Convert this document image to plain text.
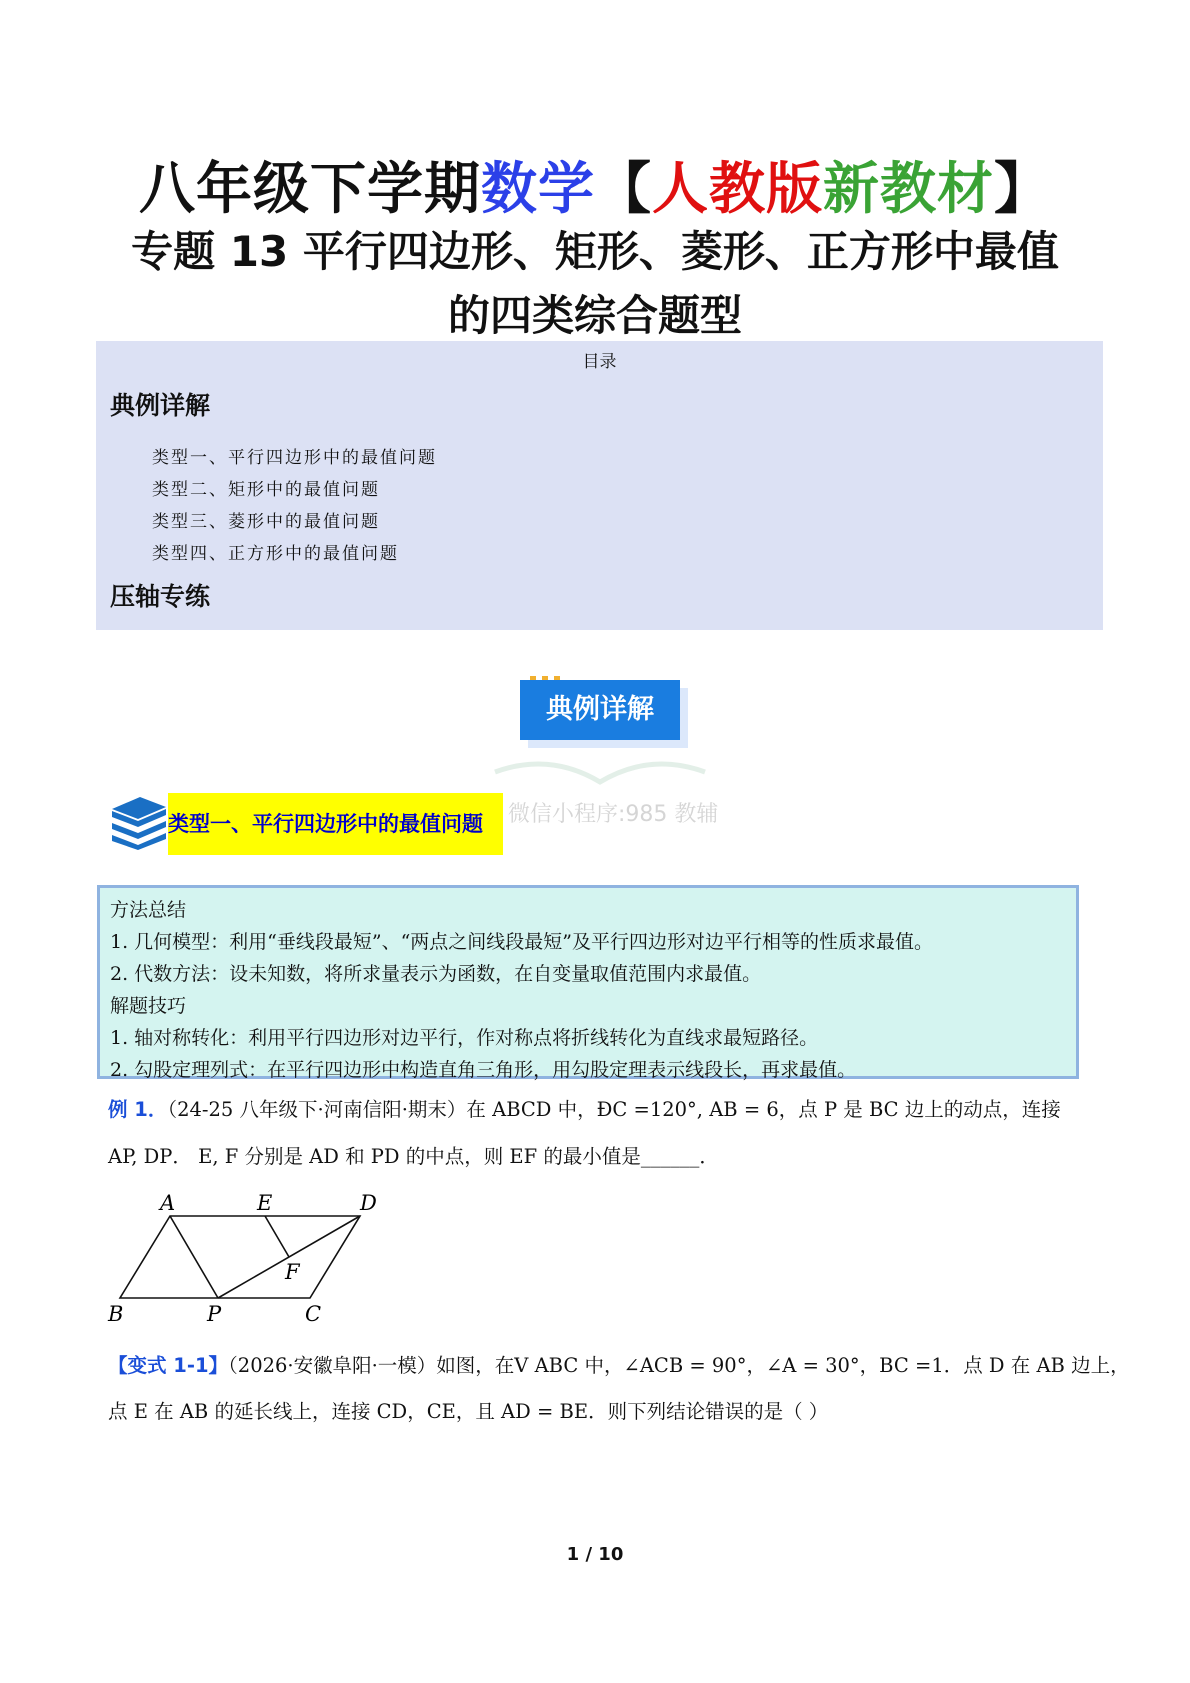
八年级下学期数学【人教版新教材】
专题 13 平行四边形、矩形、菱形、正方形中最值
的四类综合题型
目录
典例详解
类型一、平行四边形中的最值问题
类型二、矩形中的最值问题
类型三、菱形中的最值问题
类型四、正方形中的最值问题
压轴专练
典例详解
微信小程序:985 教辅
类型一、平行四边形中的最值问题
方法总结
1. 几何模型：利用“垂线段最短”、“两点之间线段最短”及平行四边形对边平行相等的性质求最值。
2. 代数方法：设未知数，将所求量表示为函数，在自变量取值范围内求最值。
解题技巧
1. 轴对称转化：利用平行四边形对边平行，作对称点将折线转化为直线求最短路径。
2. 勾股定理列式：在平行四边形中构造直角三角形，用勾股定理表示线段长，再求最值。
例 1．（24-25 八年级下·河南信阳·期末）在 ABCD 中，ÐC =120°, AB = 6，点 P 是 BC 边上的动点，连接
AP, DP． E, F 分别是 AD 和 PD 的中点，则 EF 的最小值是______．
A	E	D
F
B	P	C
【变式 1-1】（2026·安徽阜阳·一模）如图，在V ABC 中，∠ACB = 90°，∠A = 30°，BC =1．点 D 在 AB 边上，
点 E 在 AB 的延长线上，连接 CD，CE，且 AD = BE．则下列结论错误的是（ ）
1 / 10
